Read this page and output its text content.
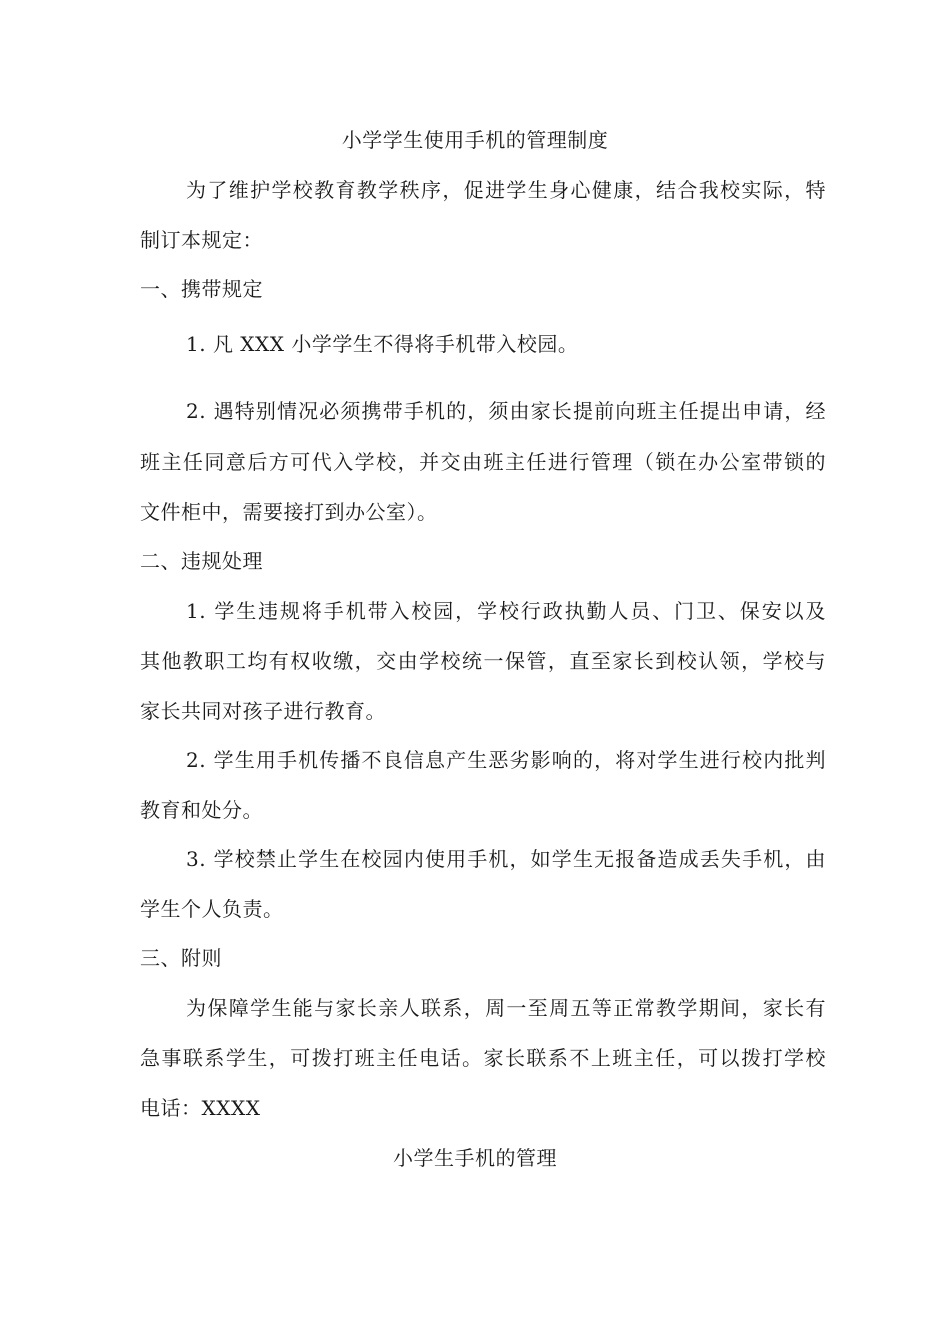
小学学生使用手机的管理制度
为了维护学校教育教学秩序，促进学生身心健康，结合我校实际，特
制订本规定：
一、携带规定
1. 凡 XXX 小学学生不得将手机带入校园。
2. 遇特别情况必须携带手机的，须由家长提前向班主任提出申请，经
班主任同意后方可代入学校，并交由班主任进行管理（锁在办公室带锁的
文件柜中，需要接打到办公室）。
二、违规处理
1. 学生违规将手机带入校园，学校行政执勤人员、门卫、保安以及
其他教职工均有权收缴，交由学校统一保管，直至家长到校认领，学校与
家长共同对孩子进行教育。
2. 学生用手机传播不良信息产生恶劣影响的，将对学生进行校内批判
教育和处分。
3. 学校禁止学生在校园内使用手机，如学生无报备造成丢失手机，由
学生个人负责。
三、附则
为保障学生能与家长亲人联系，周一至周五等正常教学期间，家长有
急事联系学生，可拨打班主任电话。家长联系不上班主任，可以拨打学校
电话：XXXX
小学生手机的管理
